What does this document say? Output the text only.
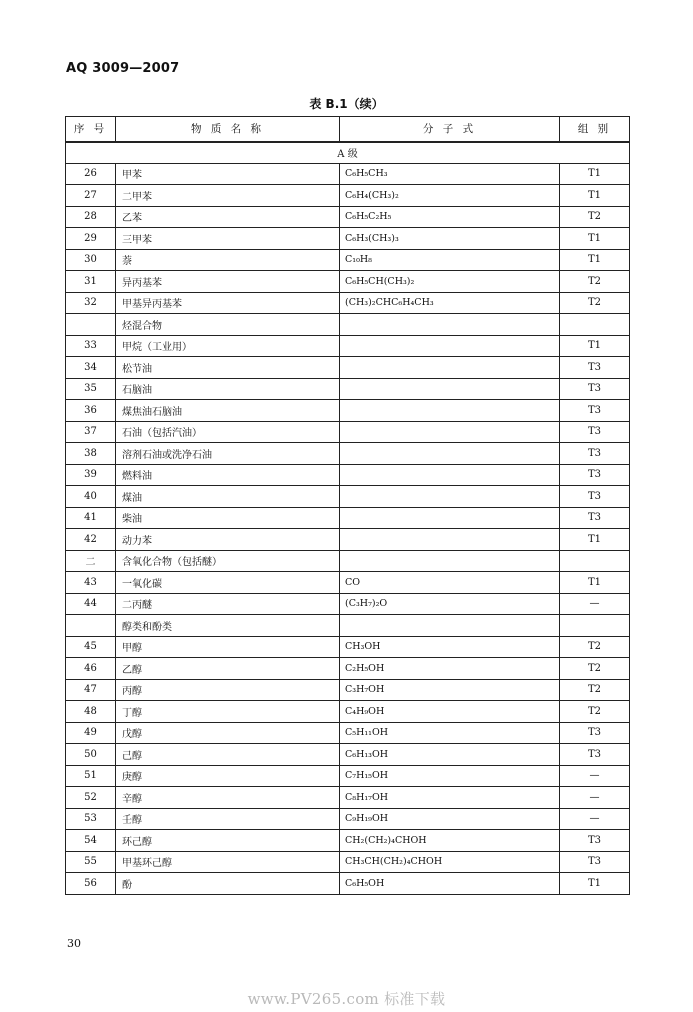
AQ 3009—2007
表 B.1（续）
序 号	物 质 名 称	分 子 式	组 别
A 级			
26	甲苯	C₆H₅CH₃	T1
27	二甲苯	C₆H₄(CH₃)₂	T1
28	乙苯	C₆H₅C₂H₅	T2
29	三甲苯	C₆H₃(CH₃)₃	T1
30	萘	C₁₀H₈	T1
31	异丙基苯	C₆H₅CH(CH₃)₂	T2
32	甲基异丙基苯	(CH₃)₂CHC₆H₄CH₃	T2
	烃混合物		
33	甲烷（工业用）		T1
34	松节油		T3
35	石脑油		T3
36	煤焦油石脑油		T3
37	石油（包括汽油）		T3
38	溶剂石油或洗净石油		T3
39	燃料油		T3
40	煤油		T3
41	柴油		T3
42	动力苯		T1
二	含氧化合物（包括醚）		
43	一氧化碳	CO	T1
44	二丙醚	(C₃H₇)₂O	—
	醇类和酚类		
45	甲醇	CH₃OH	T2
46	乙醇	C₂H₅OH	T2
47	丙醇	C₃H₇OH	T2
48	丁醇	C₄H₉OH	T2
49	戊醇	C₅H₁₁OH	T3
50	己醇	C₆H₁₃OH	T3
51	庚醇	C₇H₁₅OH	—
52	辛醇	C₈H₁₇OH	—
53	壬醇	C₉H₁₉OH	—
54	环己醇	CH₂(CH₂)₄CHOH	T3
55	甲基环己醇	CH₃CH(CH₂)₄CHOH	T3
56	酚	C₆H₅OH	T1
30
www.PV265.com 标准下载
